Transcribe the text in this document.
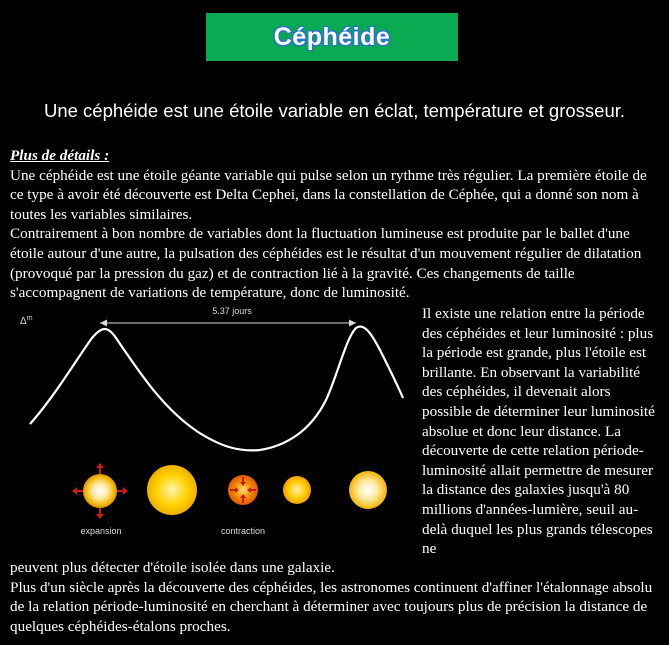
Céphéide
Une céphéide est une étoile variable en éclat, température et grosseur.
Plus de détails :

Une céphéide est une étoile géante variable qui pulse selon un rythme très régulier. La première étoile de ce type à avoir été découverte est Delta Cephei, dans la constellation de Céphée, qui a donné son nom à toutes les variables similaires.

Contrairement à bon nombre de variables dont la fluctuation lumineuse est produite par le ballet d'une étoile autour d'une autre, la pulsation des céphéides est le résultat d'un mouvement régulier de dilatation (provoqué par la pression du gaz) et de contraction lié à la gravité. Ces changements de taille s'accompagnent de variations de température, donc de luminosité.

5.37 jours
$\Delta^m$
expansion	contraction
Il existe une relation entre la période des céphéides et leur luminosité : plus la période est grande, plus l'étoile est brillante. En observant la variabilité des céphéides, il devenait alors possible de déterminer leur luminosité absolue et donc leur distance. La découverte de cette relation période-luminosité allait permettre de mesurer la distance des galaxies jusqu'à 80 millions d'années-lumière, seuil au-delà duquel les plus grands télescopes ne

peuvent plus détecter d'étoile isolée dans une galaxie.

Plus d'un siècle après la découverte des céphéides, les astronomes continuent d'affiner l'étalonnage absolu de la relation période-luminosité en cherchant à déterminer avec toujours plus de précision la distance de quelques céphéides-étalons proches.
